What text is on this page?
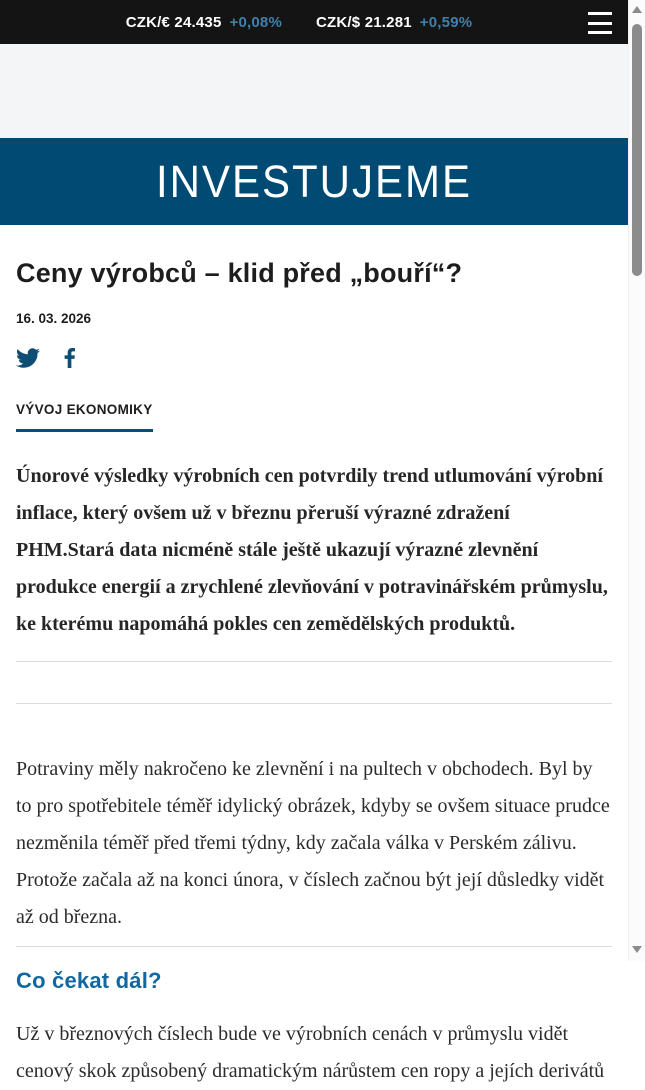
CZK/€ 24.435 +0,08% CZK/$ 21.281 +0,59%
INVESTUJEME
Ceny výrobců – klid před „bouří“?
16. 03. 2026
VÝVOJ EKONOMIKY

Únorové výsledky výrobních cen potvrdily trend utlumování výrobní inflace, který ovšem už v březnu přeruší výrazné zdražení PHM.Stará data nicméně stále ještě ukazují výrazné zlevnění produkce energií a zrychlené zlevňování v potravinářském průmyslu, ke kterému napomáhá pokles cen zemědělských produktů.

Potraviny měly nakročeno ke zlevnění i na pultech v obchodech. Byl by to pro spotřebitele téměř idylický obrázek, kdyby se ovšem situace prudce nezměnila téměř před třemi týdny, kdy začala válka v Perském zálivu. Protože začala až na konci února, v číslech začnou být její důsledky vidět až od března.

Co čekat dál?

Už v březnových číslech bude ve výrobních cenách v průmyslu vidět cenový skok způsobený dramatickým nárůstem cen ropy a jejích derivátů
